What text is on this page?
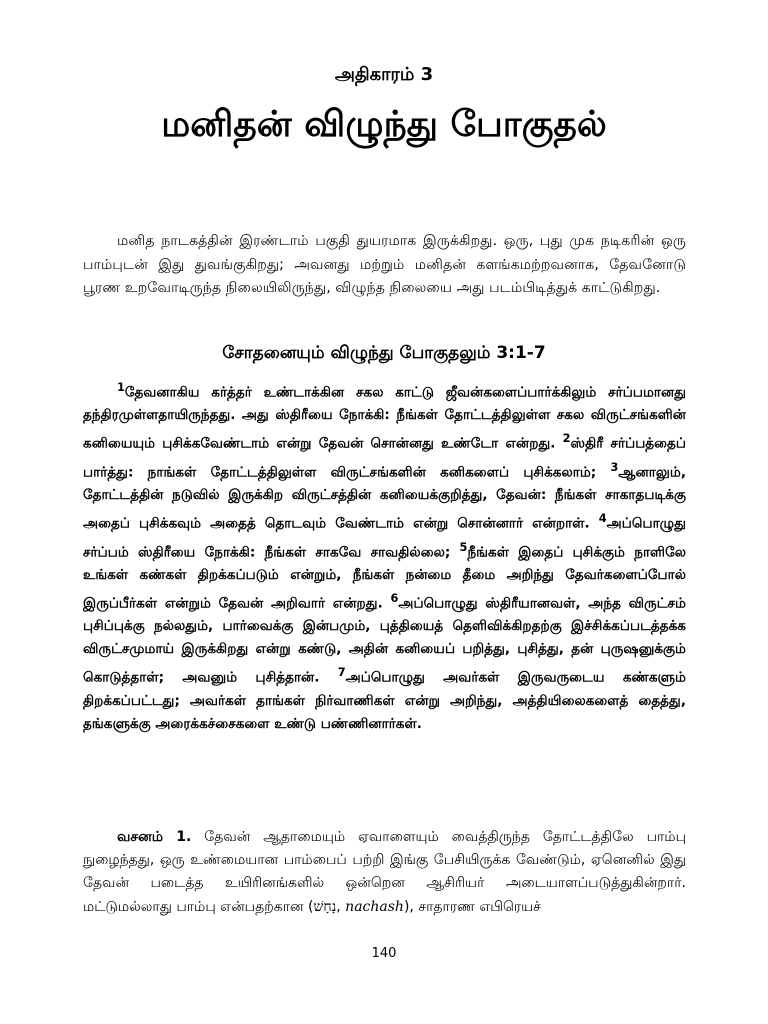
அதிகாரம் 3
மனிதன் விழுந்து போகுதல்

மனித நாடகத்தின் இரண்டாம் பகுதி துயரமாக இருக்கிறது. ஒரு, புது முக நடிகரின் ஒரு பாம்புடன் இது துவங்குகிறது; அவனது மற்றும் மனிதன் களங்கமற்றவனாக, தேவனோடு பூரண உறவோடிருந்த நிலையிலிருந்து, விழுந்த நிலையை அது படம்பிடித்துக் காட்டுகிறது.

சோதனையும் விழுந்து போகுதலும் 3:1-7

$^1$தேவனாகிய கர்த்தர் உண்டாக்கின சகல காட்டு ஜீவன்களைப்பார்க்கிலும் சர்ப்பமானது தந்திரமுள்ளதாயிருந்தது. அது ஸ்திரீயை நோக்கி: நீங்கள் தோட்டத்திலுள்ள சகல விருட்சங்களின் கனியையும் புசிக்கவேண்டாம் என்று தேவன் சொன்னது உண்டோ என்றது. $^2$ஸ்திரீ சர்ப்பத்தைப் பார்த்து: நாங்கள் தோட்டத்திலுள்ள விருட்சங்களின் கனிகளைப் புசிக்கலாம்; $^3$ஆனாலும், தோட்டத்தின் நடுவில் இருக்கிற விருட்சத்தின் கனியைக்குறித்து, தேவன்: நீங்கள் சாகாதபடிக்கு அதைப் புசிக்கவும் அதைத் தொடவும் வேண்டாம் என்று சொன்னார் என்றாள். $^4$அப்பொழுது சர்ப்பம் ஸ்திரீயை நோக்கி: நீங்கள் சாகவே சாவதில்லை; $^5$நீங்கள் இதைப் புசிக்கும் நாளிலே உங்கள் கண்கள் திறக்கப்படும் என்றும், நீங்கள் நன்மை தீமை அறிந்து தேவர்களைப்போல் இருப்பீர்கள் என்றும் தேவன் அறிவார் என்றது. $^6$அப்பொழுது ஸ்திரீயானவள், அந்த விருட்சம் புசிப்புக்கு நல்லதும், பார்வைக்கு இன்பமும், புத்தியைத் தெளிவிக்கிறதற்கு இச்சிக்கப்படத்தக்க விருட்சமுமாய் இருக்கிறது என்று கண்டு, அதின் கனியைப் பறித்து, புசித்து, தன் புருஷனுக்கும் கொடுத்தாள்; அவனும் புசித்தான். $^7$அப்பொழுது அவர்கள் இருவருடைய கண்களும் திறக்கப்பட்டது; அவர்கள் தாங்கள் நிர்வாணிகள் என்று அறிந்து, அத்தியிலைகளைத் தைத்து, தங்களுக்கு அரைக்கச்சைகளை உண்டு பண்ணினார்கள்.

வசனம் 1. தேவன் ஆதாமையும் ஏவாளையும் வைத்திருந்த தோட்டத்திலே பாம்பு நுழைந்தது, ஒரு உண்மையான பாம்பைப் பற்றி இங்கு பேசியிருக்க வேண்டும், ஏனெனில் இது தேவன் படைத்த உயிரினங்களில் ஒன்றென ஆசிரியர் அடையாளப்படுத்துகின்றார். மட்டுமல்லாது பாம்பு என்பதற்கான (נָחָשׁ, nachash), சாதாரண எபிரெயச்

140
